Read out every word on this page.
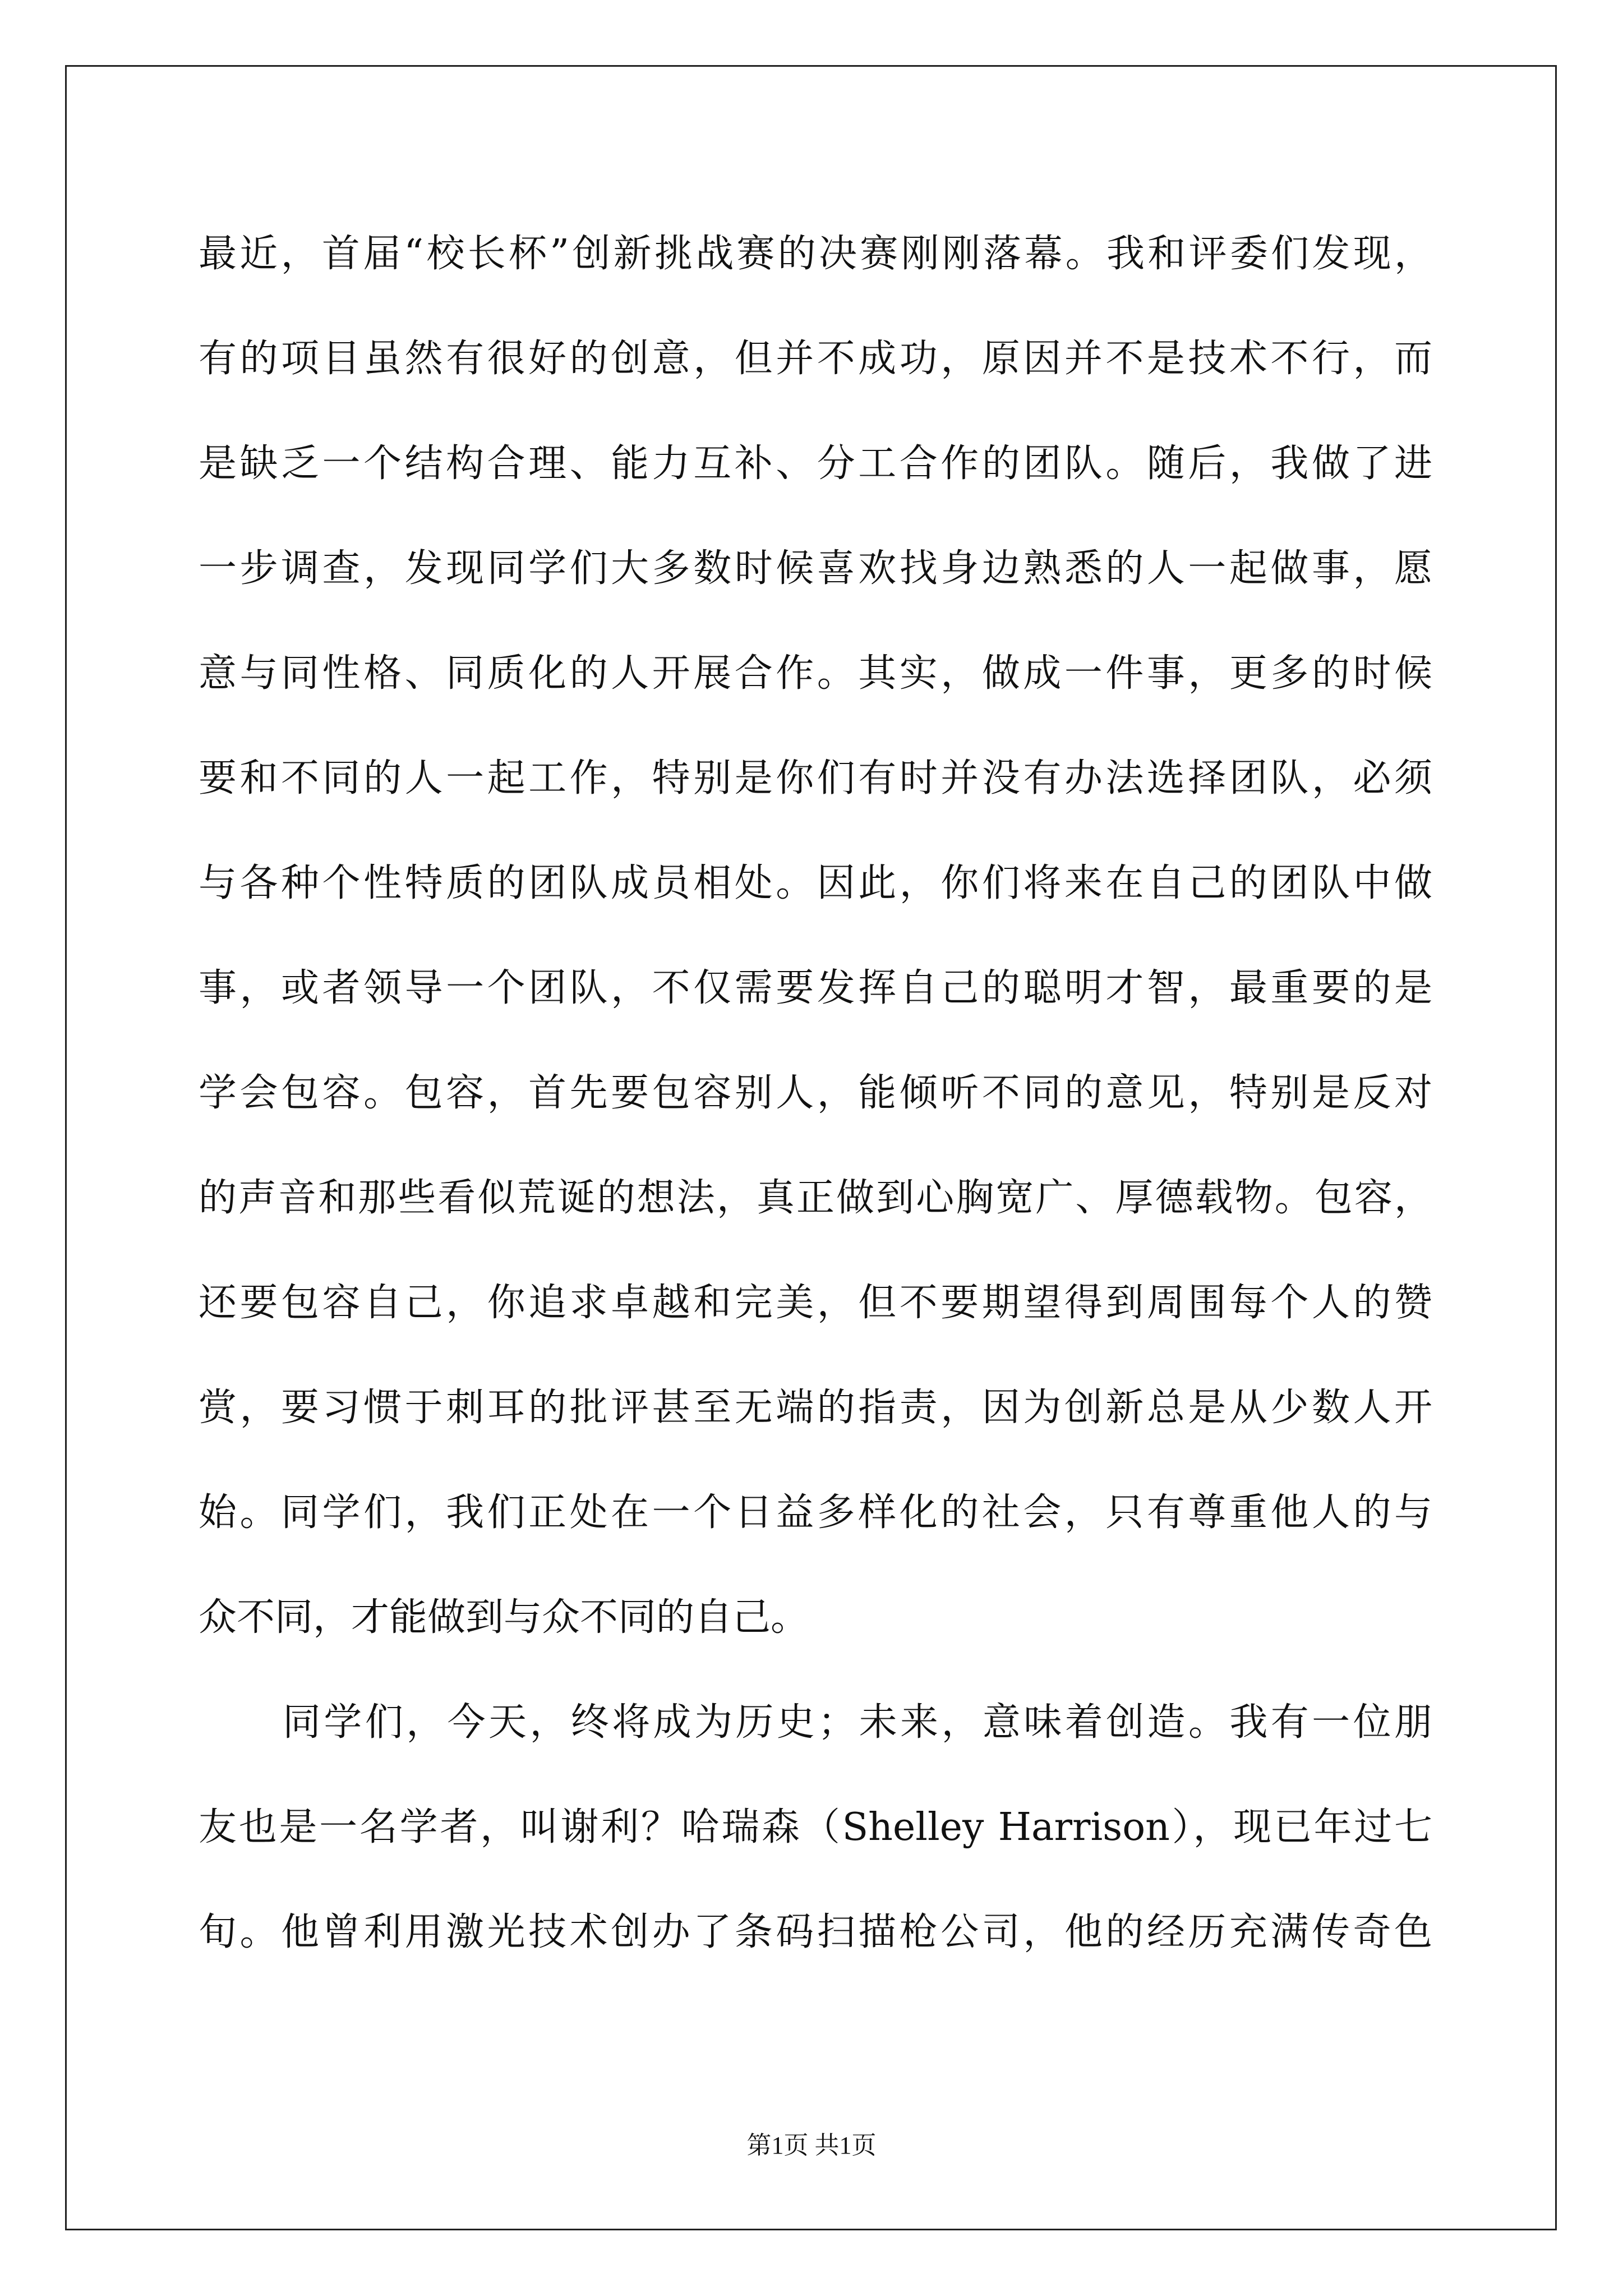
最近，首届“校长杯”创新挑战赛的决赛刚刚落幕。我和评委们发现，
有的项目虽然有很好的创意，但并不成功，原因并不是技术不行，而
是缺乏一个结构合理、能力互补、分工合作的团队。随后，我做了进
一步调查，发现同学们大多数时候喜欢找身边熟悉的人一起做事，愿
意与同性格、同质化的人开展合作。其实，做成一件事，更多的时候
要和不同的人一起工作，特别是你们有时并没有办法选择团队，必须
与各种个性特质的团队成员相处。因此，你们将来在自己的团队中做
事，或者领导一个团队，不仅需要发挥自己的聪明才智，最重要的是
学会包容。包容，首先要包容别人，能倾听不同的意见，特别是反对
的声音和那些看似荒诞的想法，真正做到心胸宽广、厚德载物。包容，
还要包容自己，你追求卓越和完美，但不要期望得到周围每个人的赞
赏，要习惯于刺耳的批评甚至无端的指责，因为创新总是从少数人开
始。同学们，我们正处在一个日益多样化的社会，只有尊重他人的与
众不同，才能做到与众不同的自己。
同学们，今天，终将成为历史；未来，意味着创造。我有一位朋
友也是一名学者，叫谢利？哈瑞森（Shelley Harrison），现已年过七
旬。他曾利用激光技术创办了条码扫描枪公司，他的经历充满传奇色
第1页 共1页
